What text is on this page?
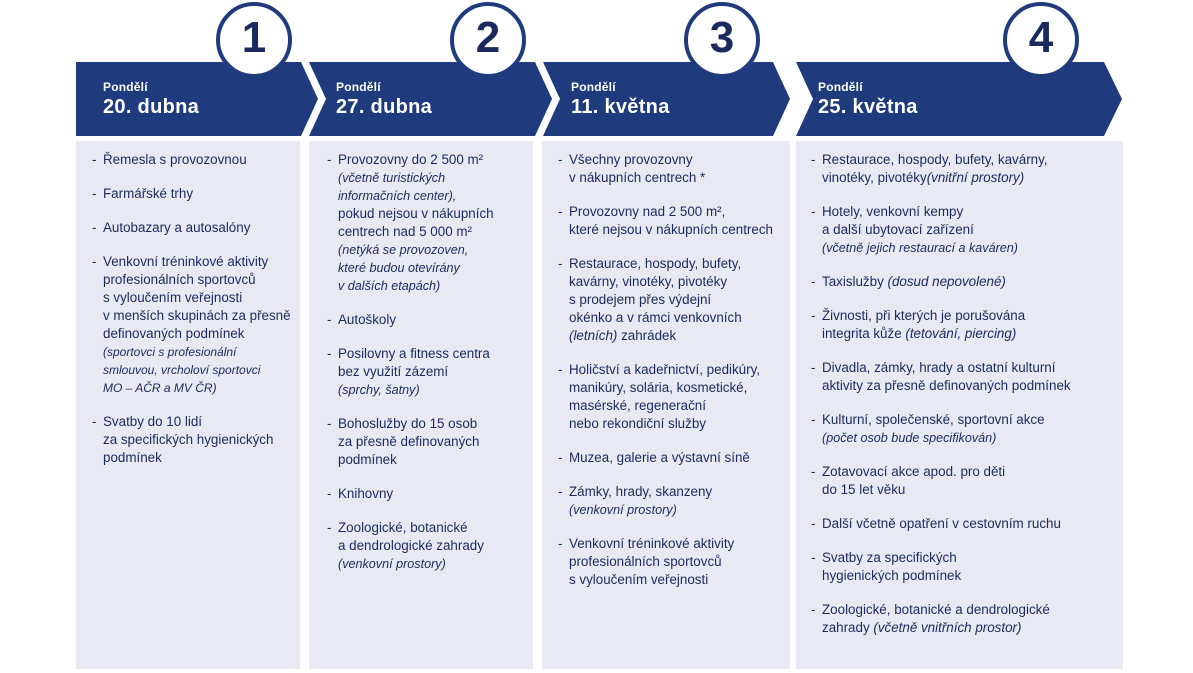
1	2	3	4
Pondělí
20. dubna
Pondělí
27. dubna
Pondělí
11. května
Pondělí
25. května
- Řemesla s provozovnou
- Farmářské trhy
- Autobazary a autosalóny
- Venkovní tréninkové aktivity
profesionálních sportovců
s vyloučením veřejnosti
v menších skupinách za přesně
definovaných podmínek
(sportovci s profesionální
smlouvou, vrcholoví sportovci
MO – AČR a MV ČR)
- Svatby do 10 lidí
za specifických hygienických
podmínek
- Provozovny do 2 500 m²
(včetně turistických
informačních center),
pokud nejsou v nákupních
centrech nad 5 000 m²
(netýká se provozoven,
které budou otevírány
v dalších etapách)
- Autoškoly
- Posilovny a fitness centra
bez využití zázemí
(sprchy, šatny)
- Bohoslužby do 15 osob
za přesně definovaných
podmínek
- Knihovny
- Zoologické, botanické
a dendrologické zahrady
(venkovní prostory)
- Všechny provozovny
v nákupních centrech *
- Provozovny nad 2 500 m²,
které nejsou v nákupních centrech
- Restaurace, hospody, bufety,
kavárny, vinotéky, pivotéky
s prodejem přes výdejní
okénko a v rámci venkovních
(letních) zahrádek
- Holičství a kadeřnictví, pedikúry,
manikúry, solária, kosmetické,
masérské, regenerační
nebo rekondiční služby
- Muzea, galerie a výstavní síně
- Zámky, hrady, skanzeny
(venkovní prostory)
- Venkovní tréninkové aktivity
profesionálních sportovců
s vyloučením veřejnosti
- Restaurace, hospody, bufety, kavárny,
vinotéky, pivotéky(vnitřní prostory)
- Hotely, venkovní kempy
a další ubytovací zařízení
(včetně jejich restaurací a kaváren)
- Taxislužby (dosud nepovolené)
- Živnosti, při kterých je porušována
integrita kůže (tetování, piercing)
- Divadla, zámky, hrady a ostatní kulturní
aktivity za přesně definovaných podmínek
- Kulturní, společenské, sportovní akce
(počet osob bude specifikován)
- Zotavovací akce apod. pro děti
do 15 let věku
- Další včetně opatření v cestovním ruchu
- Svatby za specifických
hygienických podmínek
- Zoologické, botanické a dendrologické
zahrady (včetně vnitřních prostor)
